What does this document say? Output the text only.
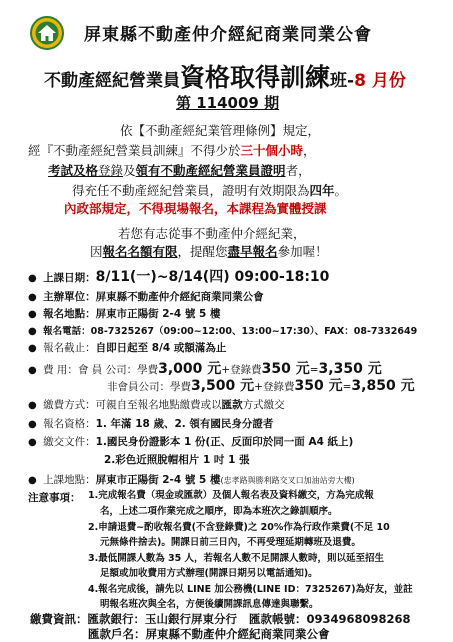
屏東縣不動產仲介經紀商業同業公會
不動產經紀營業員資格取得訓練班-8 月份
第 114009 期
依【不動產經紀業管理條例】規定，
經『不動產經紀營業員訓練』不得少於三十個小時，
考試及格登錄及領有不動產經紀營業員證明者，
得充任不動產經紀營業員，證明有效期限為四年。
內政部規定，不得現場報名，本課程為實體授課
若您有志從事不動產仲介經紀業，
因報名名額有限，提醒您盡早報名參加喔！
●  上課日期：8/11(一)~8/14(四) 09:00-18:10
●  主辦單位：屏東縣不動產仲介經紀商業同業公會
●  報名地點：屏東市正陽街 2-4 號 5 樓
●  報名電話：08-7325267（09:00~12:00、13:00~17:30）、FAX：08-7332649
●  報名截止：自即日起至 8/4 或額滿為止
●  費 用：會 員 公司：學費3,000 元+登錄費350 元=3,350 元
非會員公司：學費3,500 元+登錄費350 元=3,850 元
●  繳費方式：可親自至報名地點繳費或以匯款方式繳交
●  報名資格：1. 年滿 18 歲、2. 領有國民身分證者
●  繳交文件：1.國民身份證影本 1 份(正、反面印於同一面 A4 紙上)
2.彩色近照脫帽相片 1 吋 1 張
●  上課地點：屏東市正陽街 2-4 號 5 樓(忠孝路與勝利路交叉口加油站旁大樓)
注意事項： 1.完成報名費（現金或匯款）及個人報名表及資料繳交，方為完成報
名，上述二項作業完成之順序，即為本班次之錄訓順序。
2.申請退費~酌收報名費(不含登錄費)之 20%作為行政作業費(不足 10
元無條件捨去)。開課日前三日內，不再受理延期轉班及退費。
3.最低開課人數為 35 人，若報名人數不足開課人數時，則以延至招生
足額或加收費用方式辦理(開課日期另以電話通知)。
4.報名完成後，請先以 LINE 加公務機(LINE ID：7325267)為好友，並註
明報名班次與全名，方便後續開課訊息傳達與聯繫。
繳費資訊：匯款銀行：玉山銀行屏東分行 匯款帳號：0934968098268
匯款戶名：屏東縣不動產仲介經紀商業同業公會
